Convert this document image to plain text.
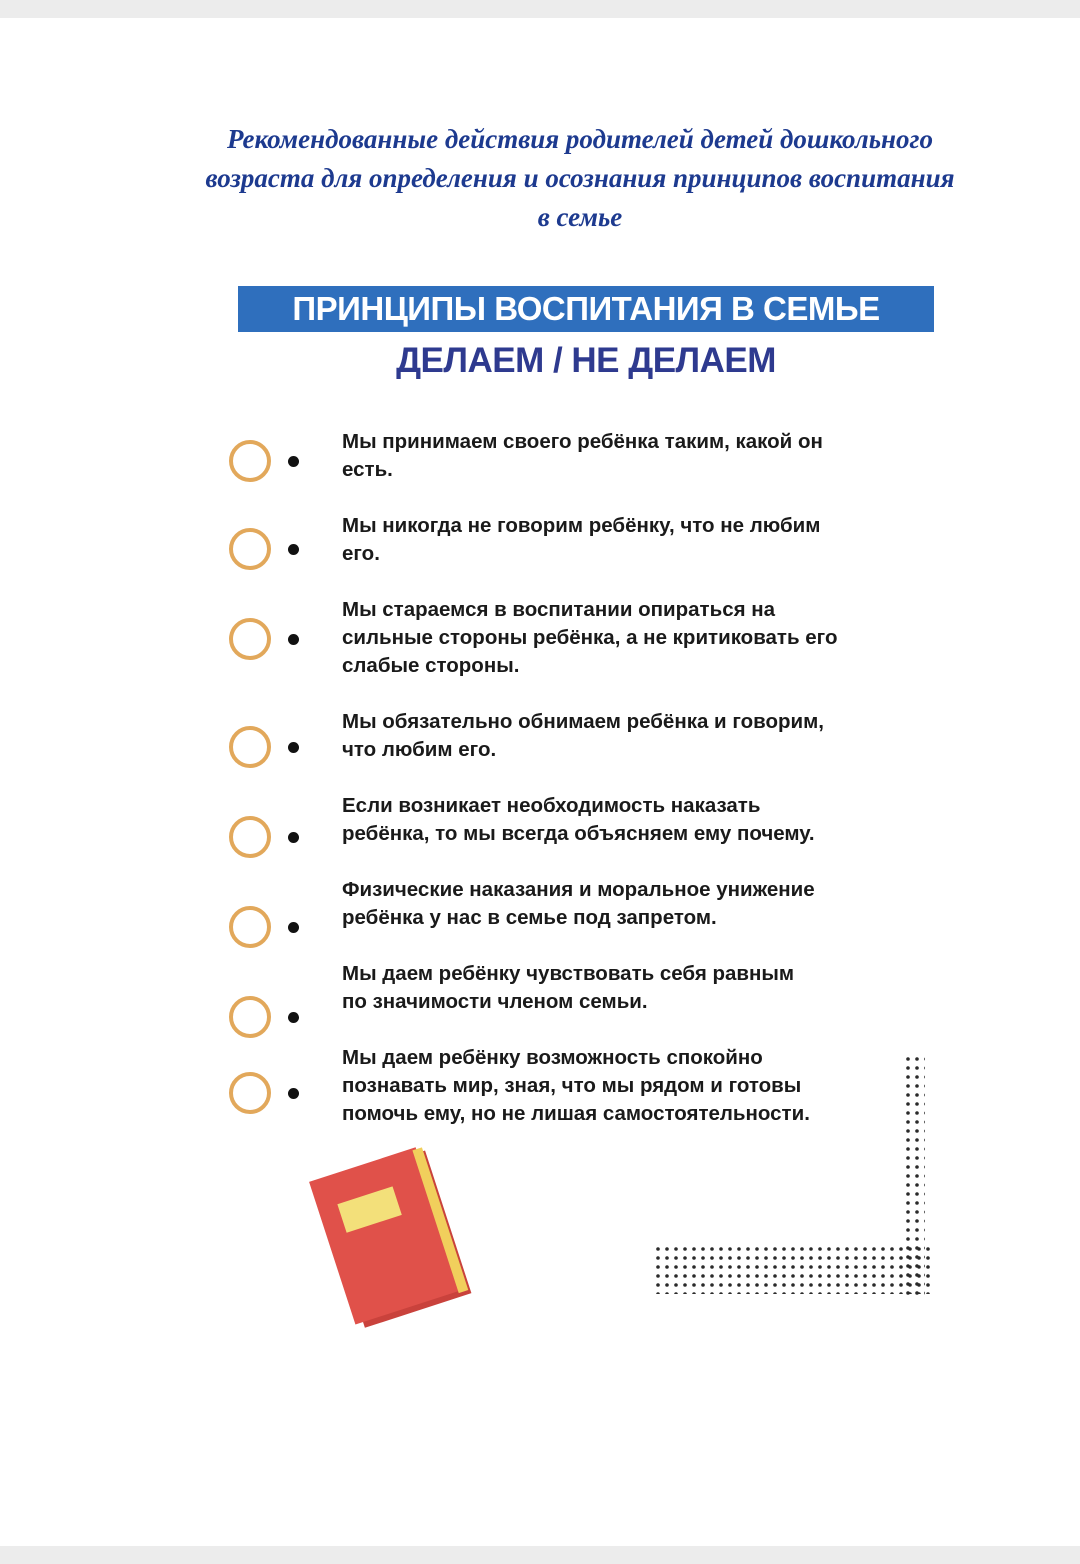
Рекомендованные действия родителей детей дошкольного
возраста для определения и осознания принципов воспитания
в семье
ПРИНЦИПЫ ВОСПИТАНИЯ В СЕМЬЕ
ДЕЛАЕМ / НЕ ДЕЛАЕМ
Мы принимаем своего ребёнка таким, какой он
есть.
Мы никогда не говорим ребёнку, что не любим
его.
Мы стараемся в воспитании опираться на
сильные стороны ребёнка, а не критиковать его
слабые стороны.
Мы обязательно обнимаем ребёнка и говорим,
что любим его.
Если возникает необходимость наказать
ребёнка, то мы всегда объясняем ему почему.
Физические наказания и моральное унижение
ребёнка у нас в семье под запретом.
Мы даем ребёнку чувствовать себя равным
по значимости членом семьи.
Мы даем ребёнку возможность спокойно
познавать мир, зная, что мы рядом и готовы
помочь ему, но не лишая самостоятельности.
